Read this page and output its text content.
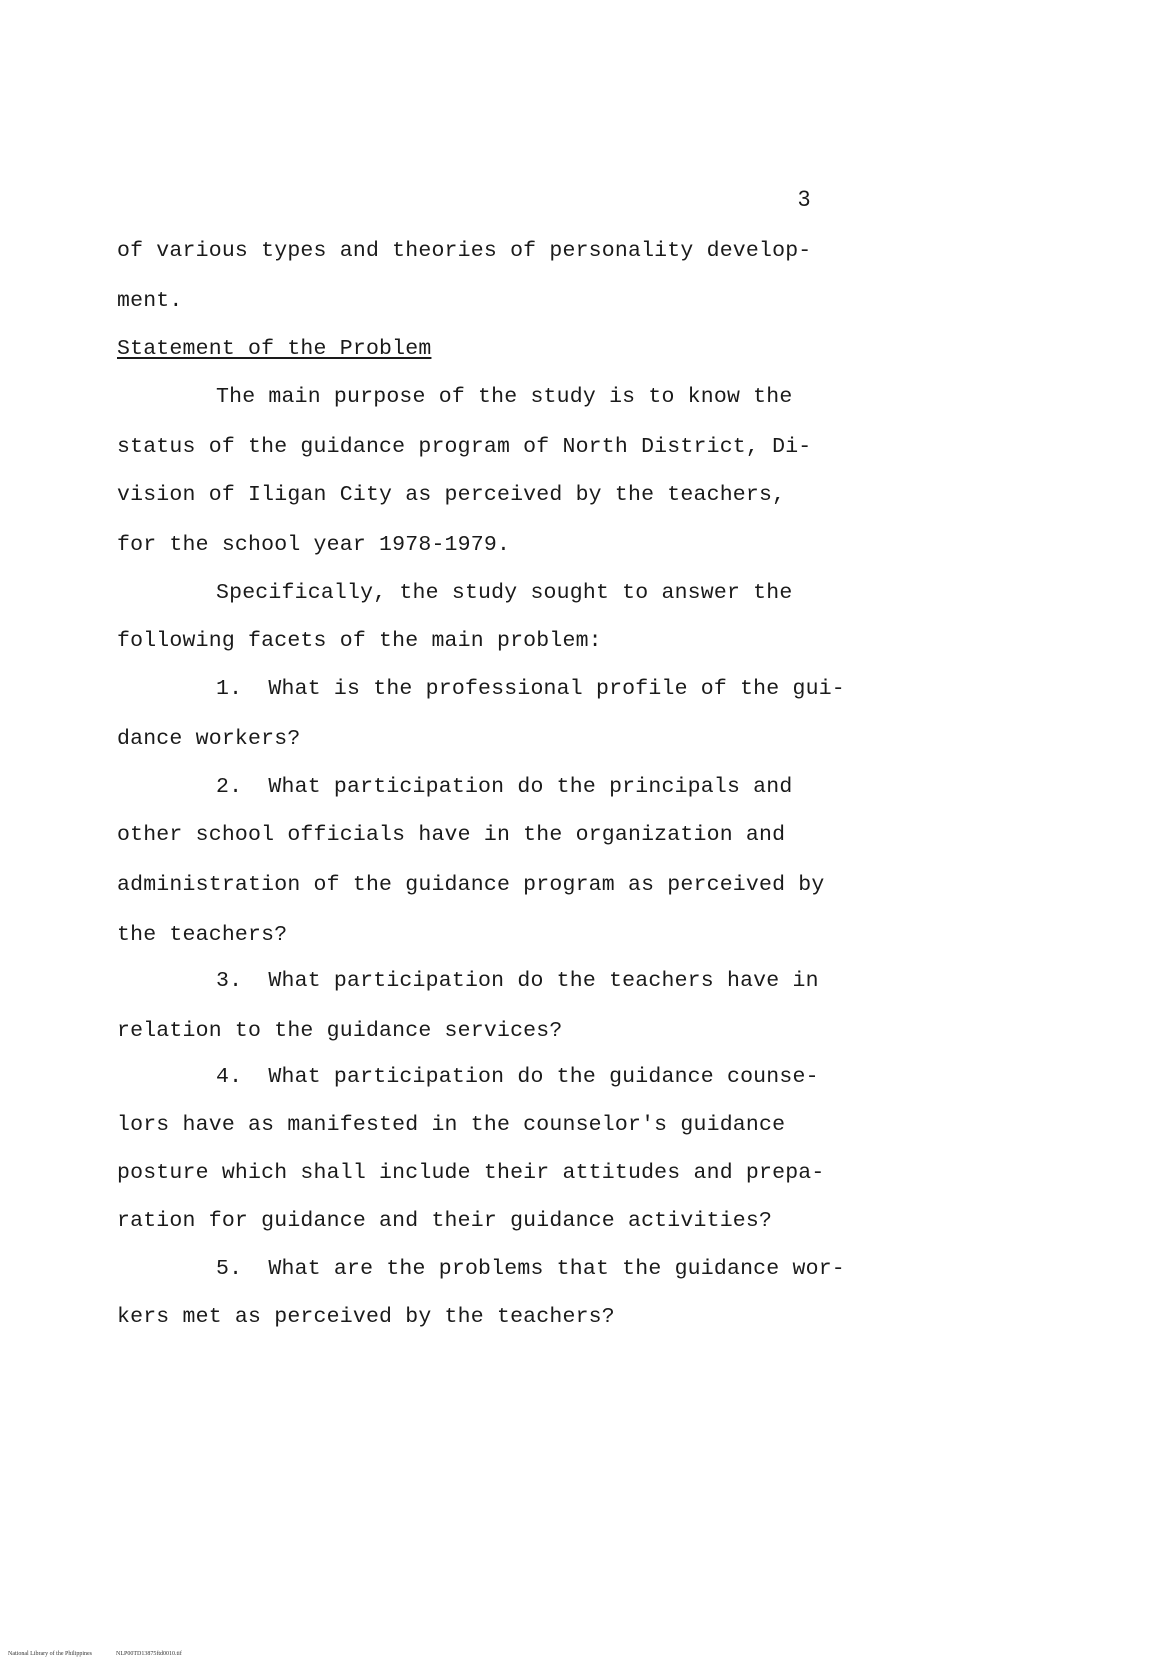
3
of various types and theories of personality develop-
ment.
Statement of the Problem
The main purpose of the study is to know the
status of the guidance program of North District, Di-
vision of Iligan City as perceived by the teachers,
for the school year 1978-1979.
Specifically, the study sought to answer the
following facets of the main problem:
1.  What is the professional profile of the gui-
dance workers?
2.  What participation do the principals and
other school officials have in the organization and
administration of the guidance program as perceived by
the teachers?
3.  What participation do the teachers have in
relation to the guidance services?
4.  What participation do the guidance counse-
lors have as manifested in the counselor's guidance
posture which shall include their attitudes and prepa-
ration for guidance and their guidance activities?
5.  What are the problems that the guidance wor-
kers met as perceived by the teachers?

National Library of the Philippines	NLP00TD13875ftd0010.tif
